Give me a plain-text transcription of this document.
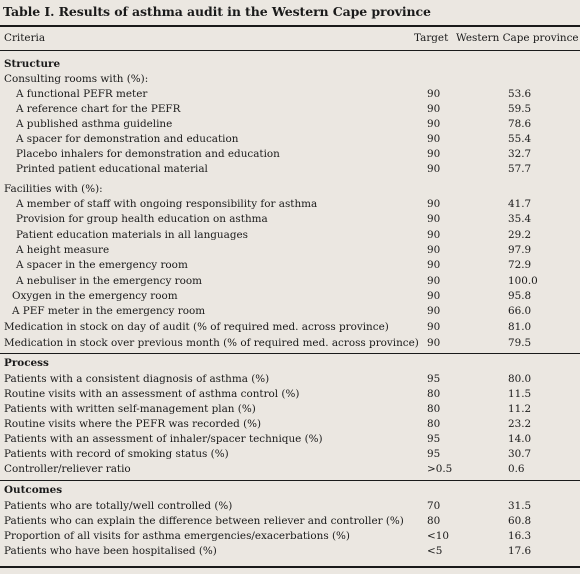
Table I. Results of asthma audit in the Western Cape province
Criteria	Target Western Cape province
Structure
Consulting rooms with (%):
A functional PEFR meter	90	53.6
A reference chart for the PEFR	90	59.5
A published asthma guideline	90	78.6
A spacer for demonstration and education	90	55.4
Placebo inhalers for demonstration and education	90	32.7
Printed patient educational material	90	57.7
Facilities with (%):
A member of staff with ongoing responsibility for asthma	90	41.7
Provision for group health education on asthma	90	35.4
Patient education materials in all languages	90	29.2
A height measure	90	97.9
A spacer in the emergency room	90	72.9
A nebuliser in the emergency room	90	100.0
Oxygen in the emergency room	90	95.8
A PEF meter in the emergency room	90	66.0
Medication in stock on day of audit (% of required med. across province)	90	81.0
Medication in stock over previous month (% of required med. across province) 90	79.5
Process
Patients with a consistent diagnosis of asthma (%)	95	80.0
Routine visits with an assessment of asthma control (%)	80	11.5
Patients with written self-management plan (%)	80	11.2
Routine visits where the PEFR was recorded (%)	80	23.2
Patients with an assessment of inhaler/spacer technique (%)	95	14.0
Patients with record of smoking status (%)	95	30.7
Controller/reliever ratio	>0.5	0.6
Outcomes
Patients who are totally/well controlled (%)	70	31.5
Patients who can explain the difference between reliever and controller (%) 80	60.8
Proportion of all visits for asthma emergencies/exacerbations (%)	<10	16.3
Patients who have been hospitalised (%)	<5	17.6
